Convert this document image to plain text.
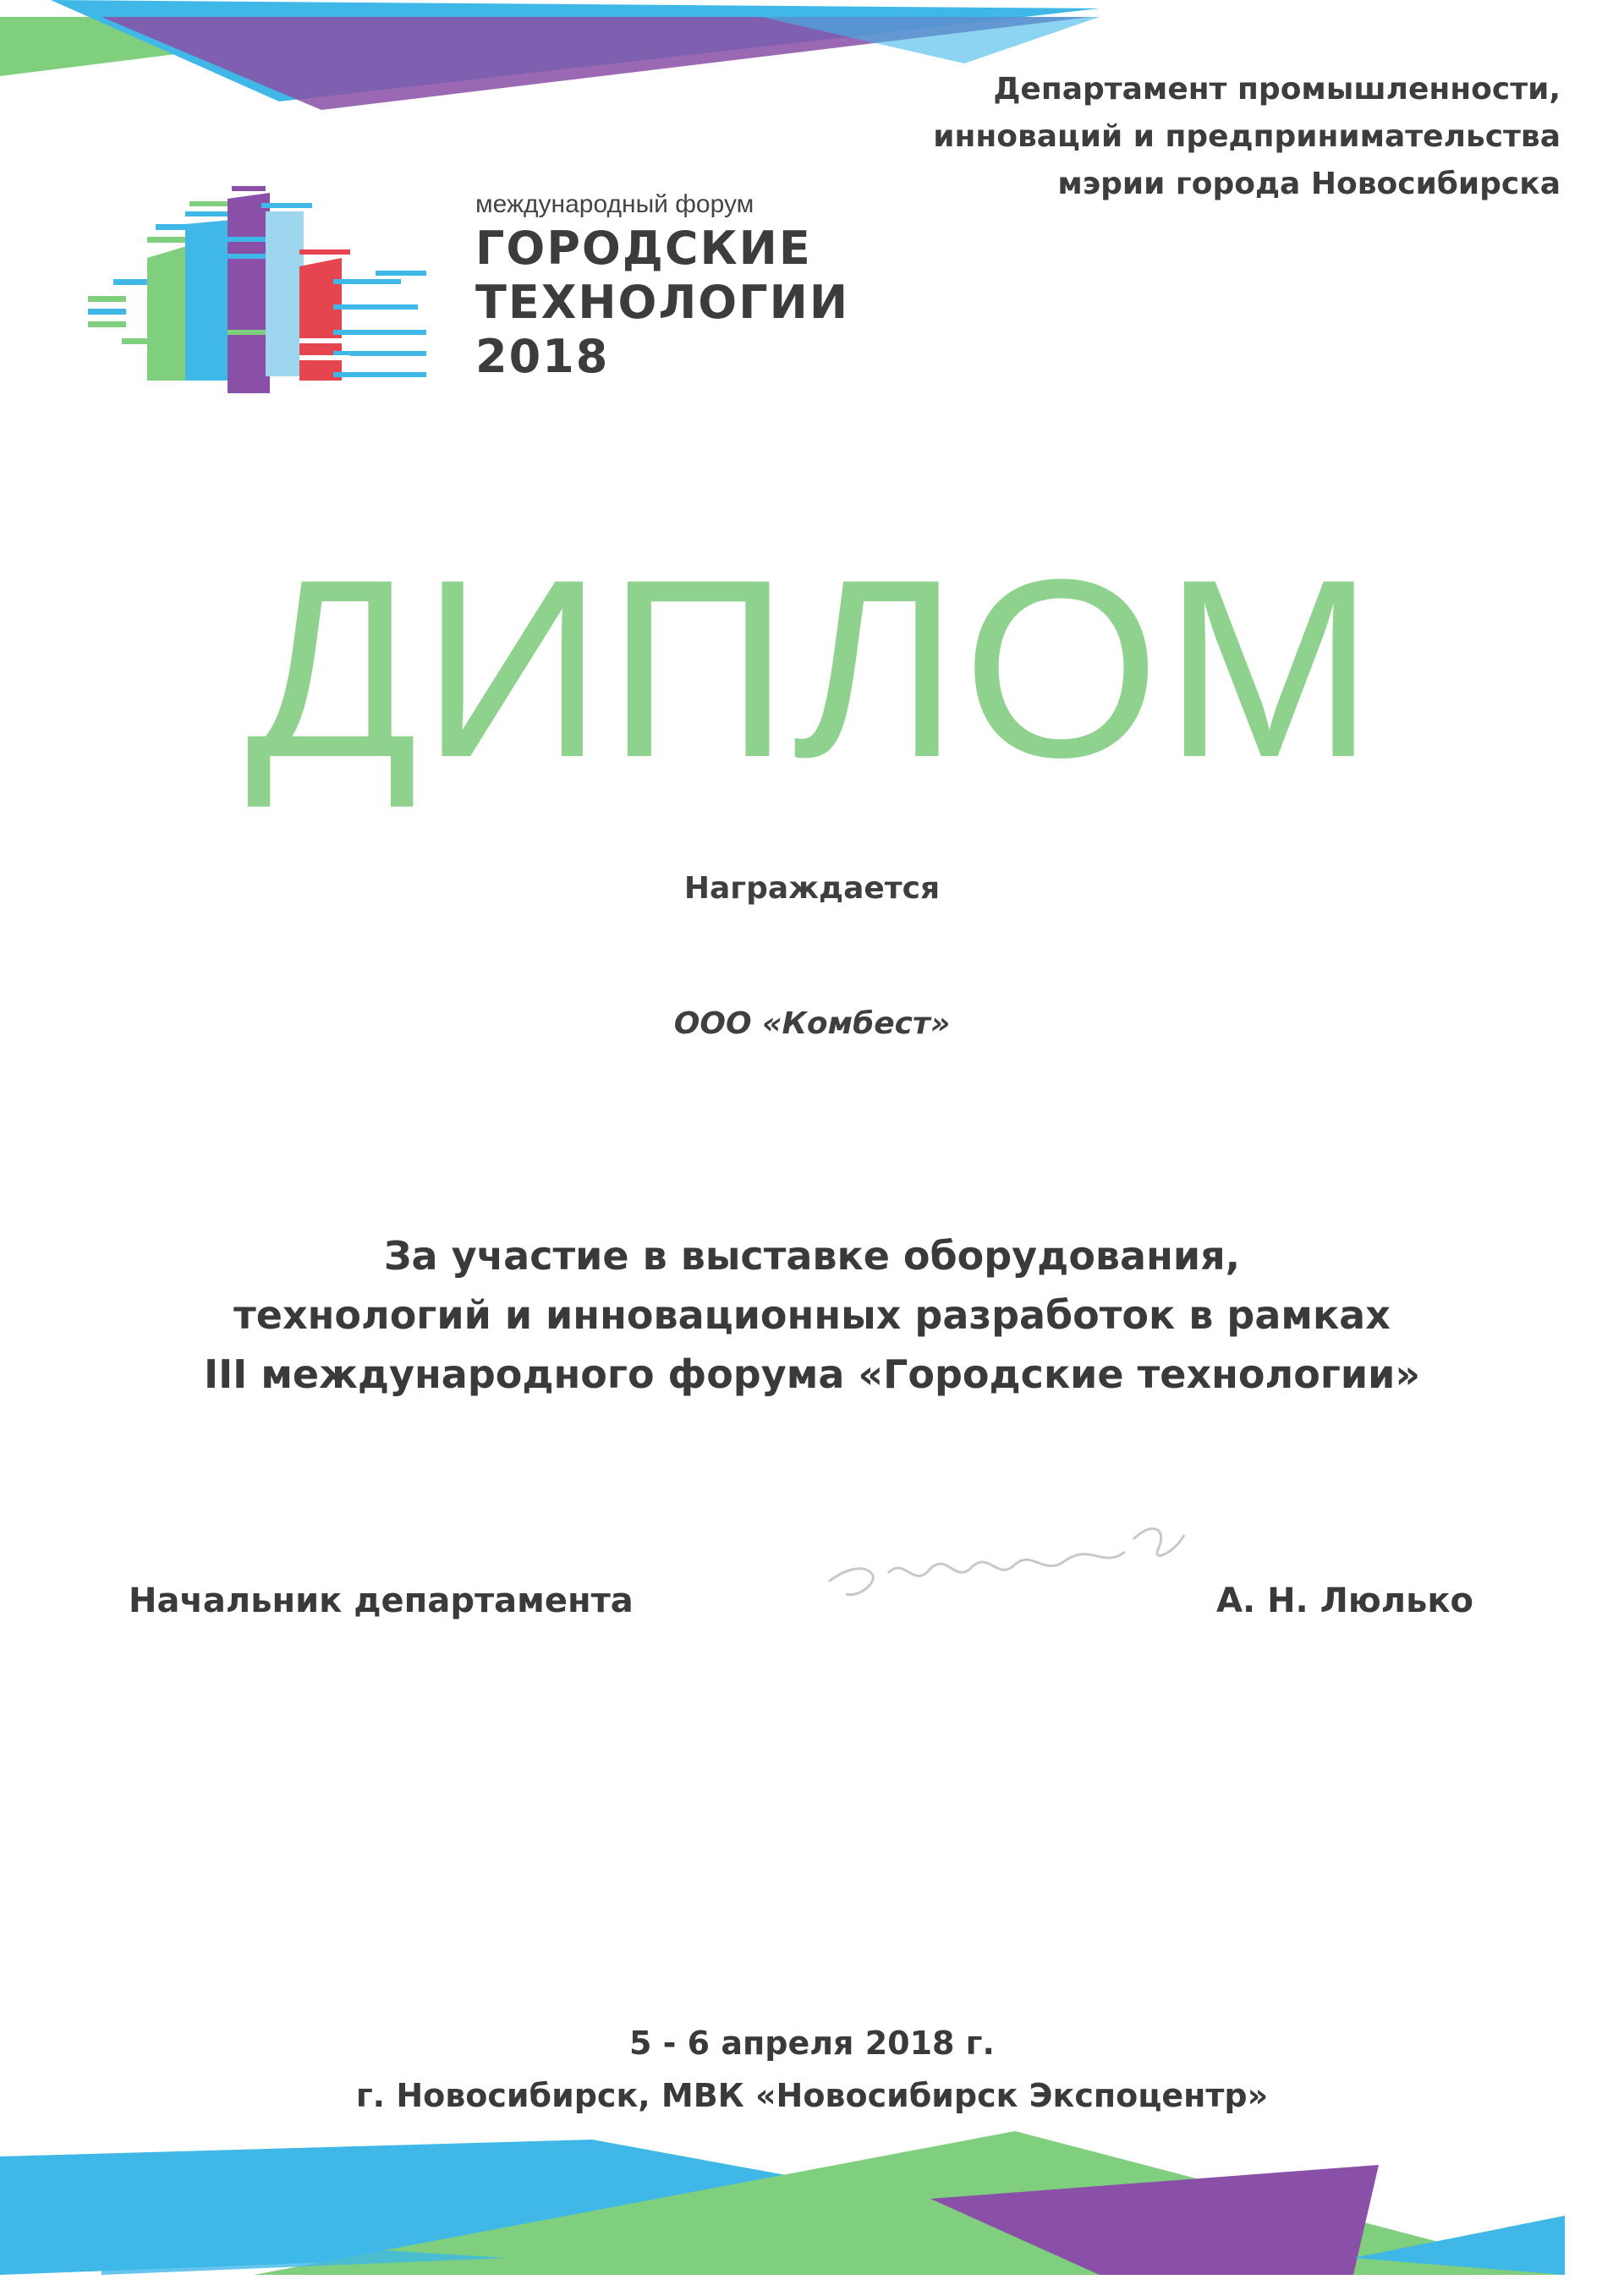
Департамент промышленности,
инноваций и предпринимательства
мэрии города Новосибирска
международный форум
ГОРОДСКИЕ
ТЕХНОЛОГИИ
2018
ДИПЛОМ
Награждается
ООО «Комбест»
За участие в выставке оборудования,
технологий и инновационных разработок в рамках
III международного форума «Городские технологии»
Начальник департамента	А. Н. Люлько
5 - 6 апреля 2018 г.
г. Новосибирск, МВК «Новосибирск Экспоцентр»
